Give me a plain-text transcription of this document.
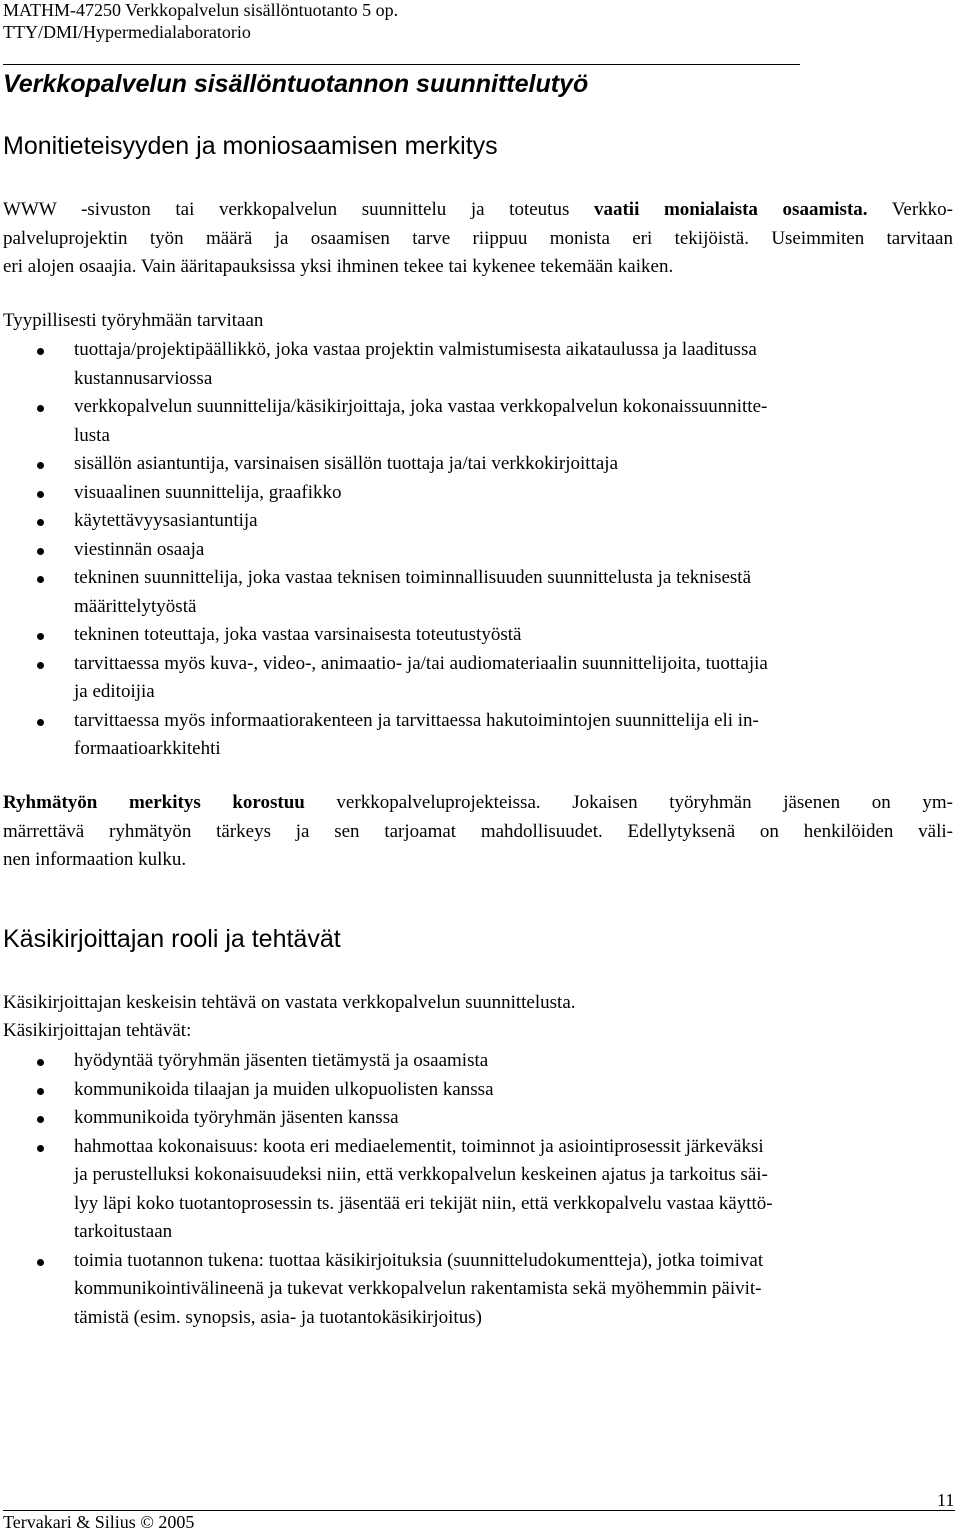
MATHM-47250 Verkkopalvelun sisällöntuotanto 5 op.
TTY/DMI/Hypermedialaboratorio
Verkkopalvelun sisällöntuotannon suunnittelutyö
Monitieteisyyden ja moniosaamisen merkitys
WWW -sivuston tai verkkopalvelun suunnittelu ja toteutus vaatii monialaista osaamista. Verkko-
palveluprojektin työn määrä ja osaamisen tarve riippuu monista eri tekijöistä. Useimmiten tarvitaan
eri alojen osaajia. Vain ääritapauksissa yksi ihminen tekee tai kykenee tekemään kaiken.
Tyypillisesti työryhmään tarvitaan
tuottaja/projektipäällikkö, joka vastaa projektin valmistumisesta aikataulussa ja laaditussa
kustannusarviossa
verkkopalvelun suunnittelija/käsikirjoittaja, joka vastaa verkkopalvelun kokonaissuunnitte-
lusta
sisällön asiantuntija, varsinaisen sisällön tuottaja ja/tai verkkokirjoittaja
visuaalinen suunnittelija, graafikko
käytettävyysasiantuntija
viestinnän osaaja
tekninen suunnittelija, joka vastaa teknisen toiminnallisuuden suunnittelusta ja teknisestä
määrittelytyöstä
tekninen toteuttaja, joka vastaa varsinaisesta toteutustyöstä
tarvittaessa myös kuva-, video-, animaatio- ja/tai audiomateriaalin suunnittelijoita, tuottajia
ja editoijia
tarvittaessa myös informaatiorakenteen ja tarvittaessa hakutoimintojen suunnittelija eli in-
formaatioarkkitehti
Ryhmätyön merkitys korostuu verkkopalveluprojekteissa. Jokaisen työryhmän jäsenen on ym-
märrettävä ryhmätyön tärkeys ja sen tarjoamat mahdollisuudet. Edellytyksenä on henkilöiden väli-
nen informaation kulku.
Käsikirjoittajan rooli ja tehtävät
Käsikirjoittajan keskeisin tehtävä on vastata verkkopalvelun suunnittelusta.
Käsikirjoittajan tehtävät:
hyödyntää työryhmän jäsenten tietämystä ja osaamista
kommunikoida tilaajan ja muiden ulkopuolisten kanssa
kommunikoida työryhmän jäsenten kanssa
hahmottaa kokonaisuus: koota eri mediaelementit, toiminnot ja asiointiprosessit järkeväksi
ja perustelluksi kokonaisuudeksi niin, että verkkopalvelun keskeinen ajatus ja tarkoitus säi-
lyy läpi koko tuotantoprosessin ts. jäsentää eri tekijät niin, että verkkopalvelu vastaa käyttö-
tarkoitustaan
toimia tuotannon tukena: tuottaa käsikirjoituksia (suunnitteludokumentteja), jotka toimivat
kommunikointivälineenä ja tukevat verkkopalvelun rakentamista sekä myöhemmin päivit-
tämistä (esim. synopsis, asia- ja tuotantokäsikirjoitus)
11
Tervakari & Silius © 2005
